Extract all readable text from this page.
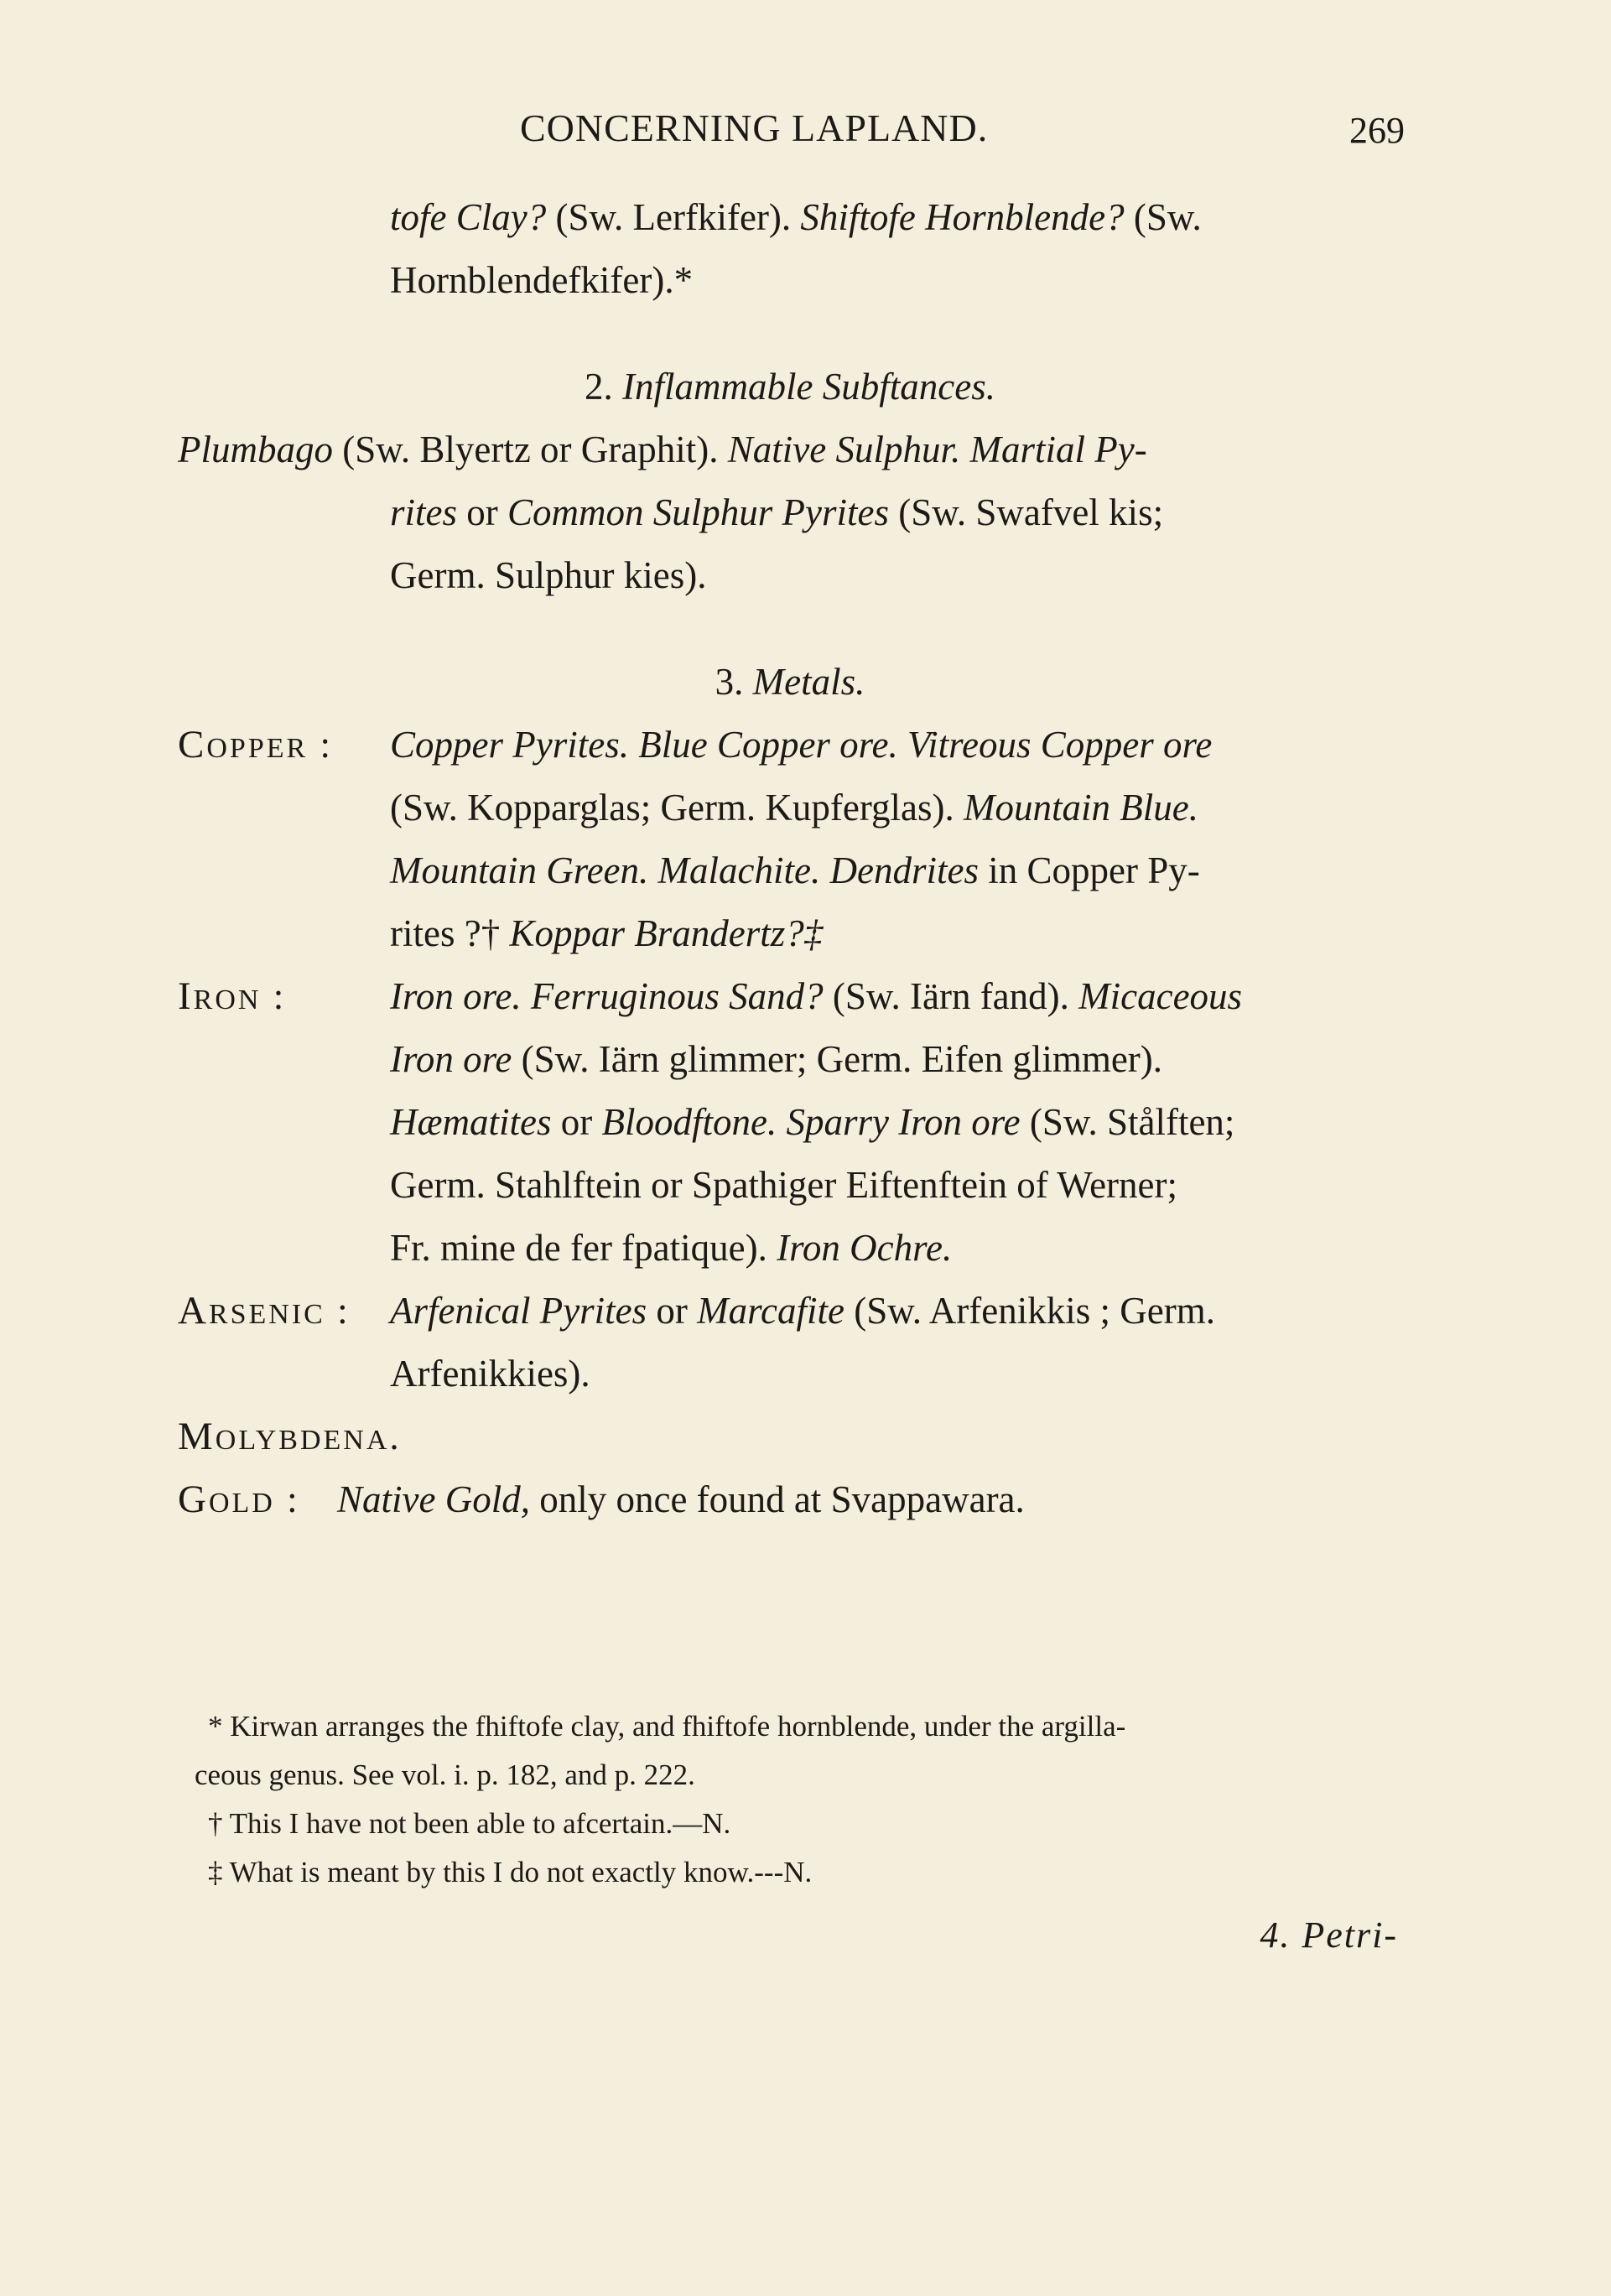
CONCERNING LAPLAND.	269
tofe Clay? (Sw. Lerfkifer). Shiftofe Hornblende? (Sw.
Hornblendefkifer).*
2. Inflammable Subftances.
Plumbago (Sw. Blyertz or Graphit). Native Sulphur. Martial Py-
rites or Common Sulphur Pyrites (Sw. Swafvel kis;
Germ. Sulphur kies).
3. Metals.
COPPER : Copper Pyrites. Blue Copper ore. Vitreous Copper ore
(Sw. Kopparglas; Germ. Kupferglas). Mountain Blue.
Mountain Green. Malachite. Dendrites in Copper Py-
rites ?† Koppar Brandertz?‡
IRON :	Iron ore. Ferruginous Sand? (Sw. Iärn fand). Micaceous
Iron ore (Sw. Iärn glimmer; Germ. Eifen glimmer).
Hæmatites or Bloodftone. Sparry Iron ore (Sw. Stålften;
Germ. Stahlftein or Spathiger Eiftenftein of Werner;
Fr. mine de fer fpatique). Iron Ochre.
ARSENIC : Arfenical Pyrites or Marcafite (Sw. Arfenikkis ; Germ.
Arfenikkies).
MOLYBDENA.
GOLD : Native Gold, only once found at Svappawara.
* Kirwan arranges the fhiftofe clay, and fhiftofe hornblende, under the argilla-
ceous genus. See vol. i. p. 182, and p. 222.
† This I have not been able to afcertain.—N.
‡ What is meant by this I do not exactly know.---N.
4. Petri-
